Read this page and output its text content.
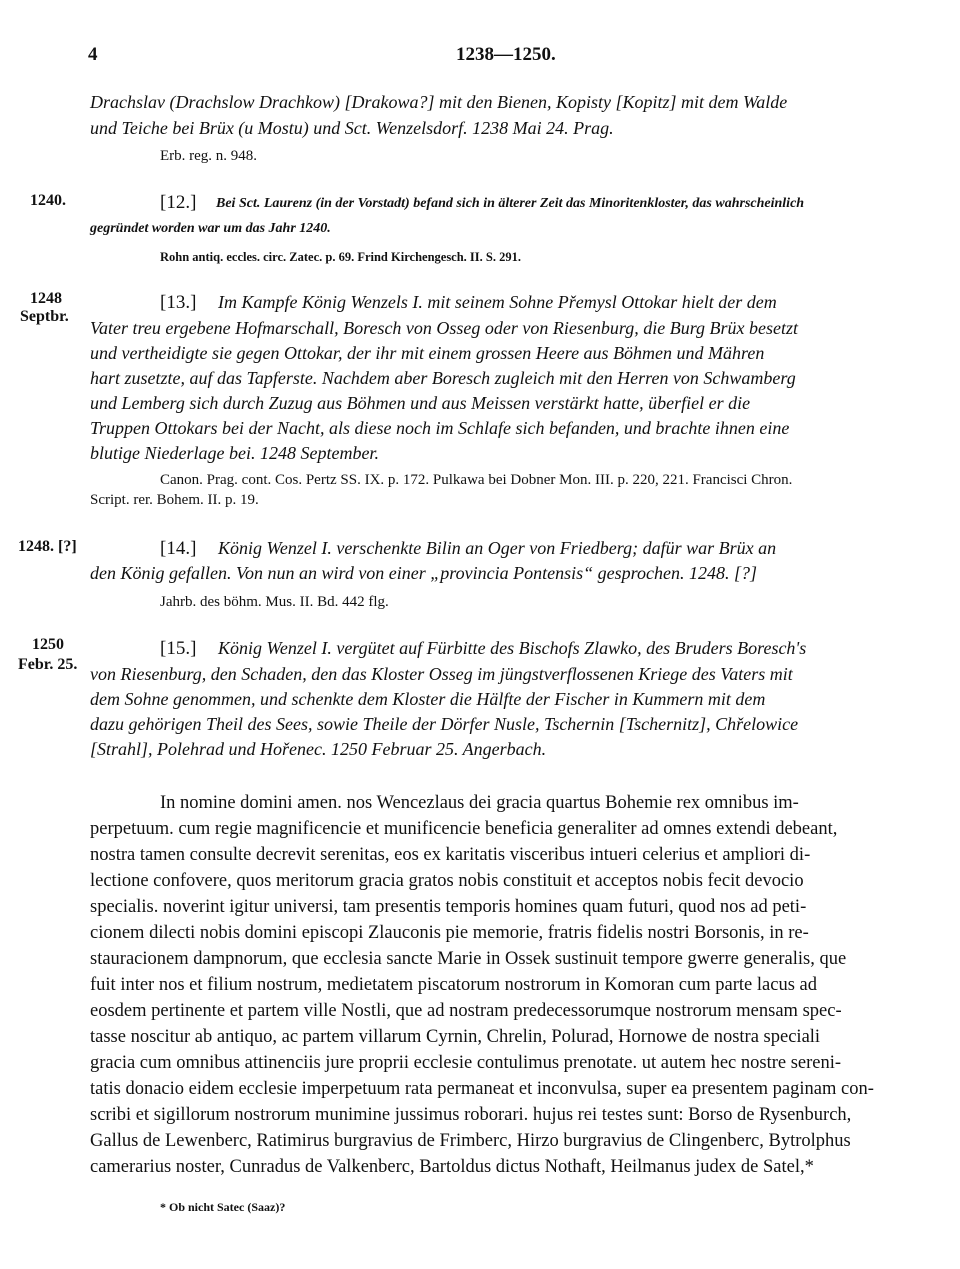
4	1238—1250.
Drachslav (Drachslow Drachkow) [Drakowa?] mit den Bienen, Kopisty [Kopitz] mit dem Walde
und Teiche bei Brüx (u Mostu) und Sct. Wenzelsdorf. 1238 Mai 24. Prag.
Erb. reg. n. 948.
1240.	[12.] Bei Sct. Laurenz (in der Vorstadt) befand sich in älterer Zeit das Minoritenkloster, das wahrscheinlich
gegründet worden war um das Jahr 1240.
Rohn antiq. eccles. circ. Zatec. p. 69. Frind Kirchengesch. II. S. 291.
1248
Septbr.
[13.] Im Kampfe König Wenzels I. mit seinem Sohne Přemysl Ottokar hielt der dem
Vater treu ergebene Hofmarschall, Boresch von Osseg oder von Riesenburg, die Burg Brüx besetzt
und vertheidigte sie gegen Ottokar, der ihr mit einem grossen Heere aus Böhmen und Mähren
hart zusetzte, auf das Tapferste. Nachdem aber Boresch zugleich mit den Herren von Schwamberg
und Lemberg sich durch Zuzug aus Böhmen und aus Meissen verstärkt hatte, überfiel er die
Truppen Ottokars bei der Nacht, als diese noch im Schlafe sich befanden, und brachte ihnen eine
blutige Niederlage bei. 1248 September.
Canon. Prag. cont. Cos. Pertz SS. IX. p. 172. Pulkawa bei Dobner Mon. III. p. 220, 221. Francisci Chron.
Script. rer. Bohem. II. p. 19.
1248. [?]	[14.] König Wenzel I. verschenkte Bilin an Oger von Friedberg; dafür war Brüx an
den König gefallen. Von nun an wird von einer „provincia Pontensis“ gesprochen. 1248. [?]
Jahrb. des böhm. Mus. II. Bd. 442 flg.
1250
Febr. 25.
[15.] König Wenzel I. vergütet auf Fürbitte des Bischofs Zlawko, des Bruders Boresch's
von Riesenburg, den Schaden, den das Kloster Osseg im jüngstverflossenen Kriege des Vaters mit
dem Sohne genommen, und schenkte dem Kloster die Hälfte der Fischer in Kummern mit dem
dazu gehörigen Theil des Sees, sowie Theile der Dörfer Nusle, Tschernin [Tschernitz], Chřelowice
[Strahl], Polehrad und Hořenec. 1250 Februar 25. Angerbach.
In nomine domini amen. nos Wencezlaus dei gracia quartus Bohemie rex omnibus im-
perpetuum. cum regie magnificencie et munificencie beneficia generaliter ad omnes extendi debeant,
nostra tamen consulte decrevit serenitas, eos ex karitatis visceribus intueri celerius et ampliori di-
lectione confovere, quos meritorum gracia gratos nobis constituit et acceptos nobis fecit devocio
specialis. noverint igitur universi, tam presentis temporis homines quam futuri, quod nos ad peti-
cionem dilecti nobis domini episcopi Zlauconis pie memorie, fratris fidelis nostri Borsonis, in re-
stauracionem dampnorum, que ecclesia sancte Marie in Ossek sustinuit tempore gwerre generalis, que
fuit inter nos et filium nostrum, medietatem piscatorum nostrorum in Komoran cum parte lacus ad
eosdem pertinente et partem ville Nostli, que ad nostram predecessorumque nostrorum mensam spec-
tasse noscitur ab antiquo, ac partem villarum Cyrnin, Chrelin, Polurad, Hornowe de nostra speciali
gracia cum omnibus attinenciis jure proprii ecclesie contulimus prenotate. ut autem hec nostre sereni-
tatis donacio eidem ecclesie imperpetuum rata permaneat et inconvulsa, super ea presentem paginam con-
scribi et sigillorum nostrorum munimine jussimus roborari. hujus rei testes sunt: Borso de Rysenburch,
Gallus de Lewenberc, Ratimirus burgravius de Frimberc, Hirzo burgravius de Clingenberc, Bytrolphus
camerarius noster, Cunradus de Valkenberc, Bartoldus dictus Nothaft, Heilmanus judex de Satel,*
* Ob nicht Satec (Saaz)?
